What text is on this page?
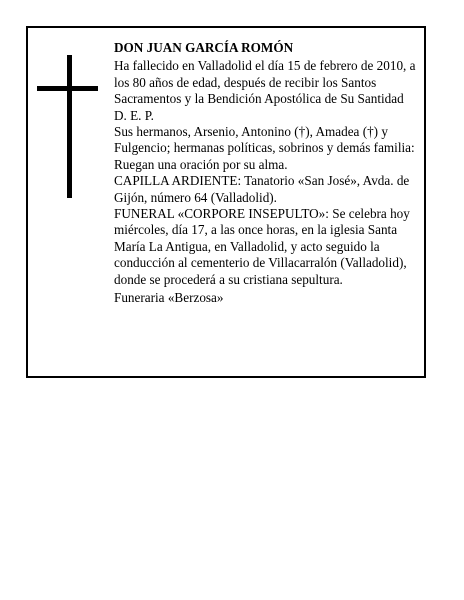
DON JUAN GARCÍA ROMÓN

Ha fallecido en Valladolid el día 15 de febrero de 2010, a los 80 años de edad, después de recibir los Santos Sacramentos y la Bendición Apostólica de Su Santidad

D. E. P.

Sus hermanos, Arsenio, Antonino (†), Amadea (†) y Fulgencio; hermanas políticas, sobrinos y demás familia:

Ruegan una oración por su alma.

CAPILLA ARDIENTE: Tanatorio «San José», Avda. de Gijón, número 64 (Valladolid).

FUNERAL «CORPORE INSEPULTO»: Se celebra hoy miércoles, día 17, a las once horas, en la iglesia Santa María La Antigua, en Valladolid, y acto seguido la conducción al cementerio de Villacarralón (Valladolid), donde se procederá a su cristiana sepultura.

Funeraria «Berzosa»
